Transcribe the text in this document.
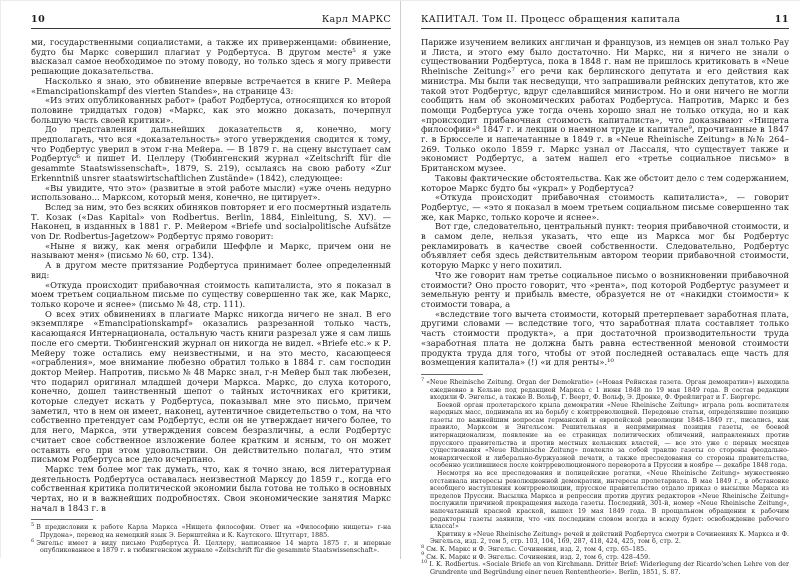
10	Карл МАРКС

ми, государственными социалистами, а также их приверженцами: обвинение, будто бы Маркс совершил плагиат у Родбертуса. В другом месте⁵ я уже высказал самое необходимое по этому поводу, но только здесь я могу привести решающие доказательства.

Насколько я знаю, это обвинение впервые встречается в книге Р. Мейера «Emancipationskampf des vierten Standes», на странице 43:

«Из этих опубликованных работ» (работ Родбертуса, относящихся ко второй половине тридцатых годов) «Маркс, как это можно доказать, почерпнул большую часть своей критики».

До представления дальнейших доказательств я, конечно, могу предполагать, что вся «доказательность» этого утверждения сводится к тому, что Родбертус уверил в этом г-на Мейера. — В 1879 г. на сцену выступает сам Родбертус⁶ и пишет И. Целлеру (Тюбингенский журнал «Zeitschrift für die gesammte Staatswissenschaft», 1879, S. 219), ссылаясь на свою работу «Zur Erkenntniß unsrer staatswirtschaftlichen Zustände» (1842), следующее:

«Вы увидите, что это» (развитые в этой работе мысли) «уже очень недурно использовано... Марксом, который меня, конечно, не цитирует».

Вслед за ним, это без всяких обиняков повторяет и его посмертный издатель Т. Козак («Das Kapital» von Rodbertus. Berlin, 1884, Einleitung, S. XV). — Наконец, в изданных в 1881 г. Р. Мейером «Briefe und socialpolitische Aufsätze von Dr. Rodbertus-Jagetzow» Родбертус прямо говорит:

«Ныне я вижу, как меня ограбили Шеффле и Маркс, причем они не называют меня» (письмо № 60, стр. 134).

А в другом месте притязание Родбертуса принимает более определенный вид:

«Откуда происходит прибавочная стоимость капиталиста, это я показал в моем третьем социальном письме по существу совершенно так же, как Маркс, только короче и яснее» (письмо № 48, стр. 111).

О всех этих обвинениях в плагиате Маркс никогда ничего не знал. В его экземпляре «Emancipationskampf» оказались разрезанной только часть, касающаяся Интернационала, остальную часть книги разрезал уже я сам лишь после его смерти. Тюбингенский журнал он никогда не видел. «Briefe etc.» к Р. Мейеру тоже остались ему неизвестными, и на это место, касающееся «ограбления», мое внимание любезно обратил только в 1884 г. сам господин доктор Мейер. Напротив, письмо № 48 Маркс знал, г-н Мейер был так любезен, что подарил оригинал младшей дочери Маркса. Маркс, до слуха которого, конечно, дошел таинственный шепот о тайных источниках его критики, которые следует искать у Родбертуса, показывал мне это письмо, причем заметил, что в нем он имеет, наконец, аутентичное свидетельство о том, на что собственно претендует сам Родбертус, если он не утверждает ничего более, то для него, Маркса, эти утверждения совсем безразличны, а если Родбертус считает свое собственное изложение более кратким и ясным, то он может оставить его при этом удовольствии. Он действительно полагал, что этим письмом Родбертуса все дело исчерпано.

Маркс тем более мог так думать, что, как я точно знаю, вся литературная деятельность Родбертуса оставалась неизвестной Марксу до 1859 г., когда его собственная критика политической экономии была готова не только в основных чертах, но и в важнейших подробностях. Свои экономические занятия Маркс начал в 1843 г. в

$^5$ В предисловии к работе Карла Маркса «Нищета философии. Ответ на «Философию нищеты» г-на Прудона», перевод на немецкий язык Э. Бернштейна и К. Каутского. Штутгарт, 1885.

$^6$ Энгельс имеет в виду письмо Родбертуса Й. Целлеру, написанное 14 марта 1875 г. и впервые опубликованное в 1879 г. в тюбингенском журнале «Zeitschrift für die gesammte Staatswissenschaft».

КАПИТАЛ. Том II. Процесс обращения капитала	11

Париже изучением великих англичан и французов, из немцев он знал только Рау и Листа, и этого ему было достаточно. Ни Маркс, ни я ничего не знали о существовании Родбертуса, пока в 1848 г. нам не пришлось критиковать в «Neue Rheinische Zeitung»⁷ его речи как берлинского депутата и его действия как министра. Мы были так несведущи, что запрашивали рейнских депутатов, кто же такой этот Родбертус, вдруг сделавшийся министром. Но и они ничего не могли сообщить нам об экономических работах Родбертуса. Напротив, Маркс и без помощи Родбертуса уже тогда очень хорошо знал не только откуда, но и как «происходит прибавочная стоимость капиталиста», что доказывают «Нищета философии»⁸ 1847 г. и лекции о наемном труде и капитале⁹, прочитанные в 1847 г. в Брюсселе и напечатанные в 1849 г. в «Neue Rheinische Zeitung» в №№ 264–269. Только около 1859 г. Маркс узнал от Лассаля, что существует также и экономист Родбертус, а затем нашел его «третье социальное письмо» в Британском музее.

Таковы фактические обстоятельства. Как же обстоит дело с тем содержанием, которое Маркс будто бы «украл» у Родбертуса?

«Откуда происходит прибавочная стоимость капиталиста», — говорит Родбертус, — «это я показал в моем третьем социальном письме совершенно так же, как Маркс, только короче и яснее».

Вот где, следовательно, центральный пункт: теория прибавочной стоимости, и в самом деле, нельзя указать, что еще из Маркса мог бы Родбертус рекламировать в качестве своей собственности. Следовательно, Родбертус объявляет себя здесь действительным автором теории прибавочной стоимости, которую Маркс у него похитил.

Что же говорит нам третье социальное письмо о возникновении прибавочной стоимости? Оно просто говорит, что «рента», под которой Родбертус разумеет и земельную ренту и прибыль вместе, образуется не от «накидки стоимости» к стоимости товара, а

«вследствие того вычета стоимости, который претерпевает заработная плата, другими словами — вследствие того, что заработная плата составляет только часть стоимости продукта», а при достаточной производительности труда «заработная плата не должна быть равна естественной меновой стоимости продукта труда для того, чтобы от этой последней оставалась еще часть для возмещения капитала» (!) «и для ренты».¹⁰

$^7$ «Neue Rheinische Zeitung. Organ der Demokratie» («Новая Рейнская газета. Орган демократии») выходила ежедневно в Кельне под редакцией Маркса с 1 июня 1848 по 19 мая 1849 года. В состав редакции входили Ф. Энгельс, а также В. Вольф, Г. Веерт, Ф. Вольф, Э. Дронке, Ф. Фрейлиграт и Г. Бюргерс.

Боевой орган пролетарского крыла демократии «Neue Rheinische Zeitung» играла роль воспитателя народных масс, поднимала их на борьбу с контрреволюцией. Передовые статьи, определявшие позицию газеты по важнейшим вопросам германской и европейской революции 1848–1849 гг., писались, как правило, Марксом и Энгельсом. Решительная и непримиримая позиция газеты, ее боевой интернационализм, появление на ее страницах политических обличений, направленных против прусского правительства и против местных кельнских властей, — все это уже с первых месяцев существования «Neue Rheinische Zeitung» повлекло за собой травлю газеты со стороны феодально-монархической и либерально-буржуазной печати, а также преследования со стороны правительства, особенно усилившиеся после контрреволюционного переворота в Пруссии в ноябре — декабре 1848 года.

Несмотря на все преследования и полицейские рогатки, «Neue Rheinische Zeitung» мужественно отстаивала интересы революционной демократии, интересы пролетариата. В мае 1849 г., в обстановке всеобщего наступления контрреволюции, прусское правительство отдало приказ о высылке Маркса из пределов Пруссии. Высылка Маркса и репрессии против других редакторов «Neue Rheinische Zeitung» послужили причиной прекращения выхода газеты. Последний, 301-й, номер «Neue Rheinische Zeitung», напечатанный красной краской, вышел 19 мая 1849 года. В прощальном обращении к рабочим редакторы газеты заявили, что «их последним словом всегда и всюду будет: освобождение рабочего класса!»

Критику в «Neue Rheinische Zeitung» речей и действий Родбертуса смотри в Сочинениях К. Маркса и Ф. Энгельса, изд. 2, том 5, стр. 103, 104, 169, 287, 418, 424, 425, том 6, стр. 2.

$^8$ См. К. Маркс и Ф. Энгельс. Сочинения, изд. 2, том 4, стр. 65–185.

$^9$ См. К. Маркс и Ф. Энгельс. Сочинения, изд. 2, том 6, стр. 428–459.

$^{10}$ I. K. Rodbertus. «Sociale Briefe an von Kirchmann. Dritter Brief: Widerlegung der Ricardo'schen Lehre von der Grundrente und Begründung einer neuen Rententheorie». Berlin, 1851, S. 87.
